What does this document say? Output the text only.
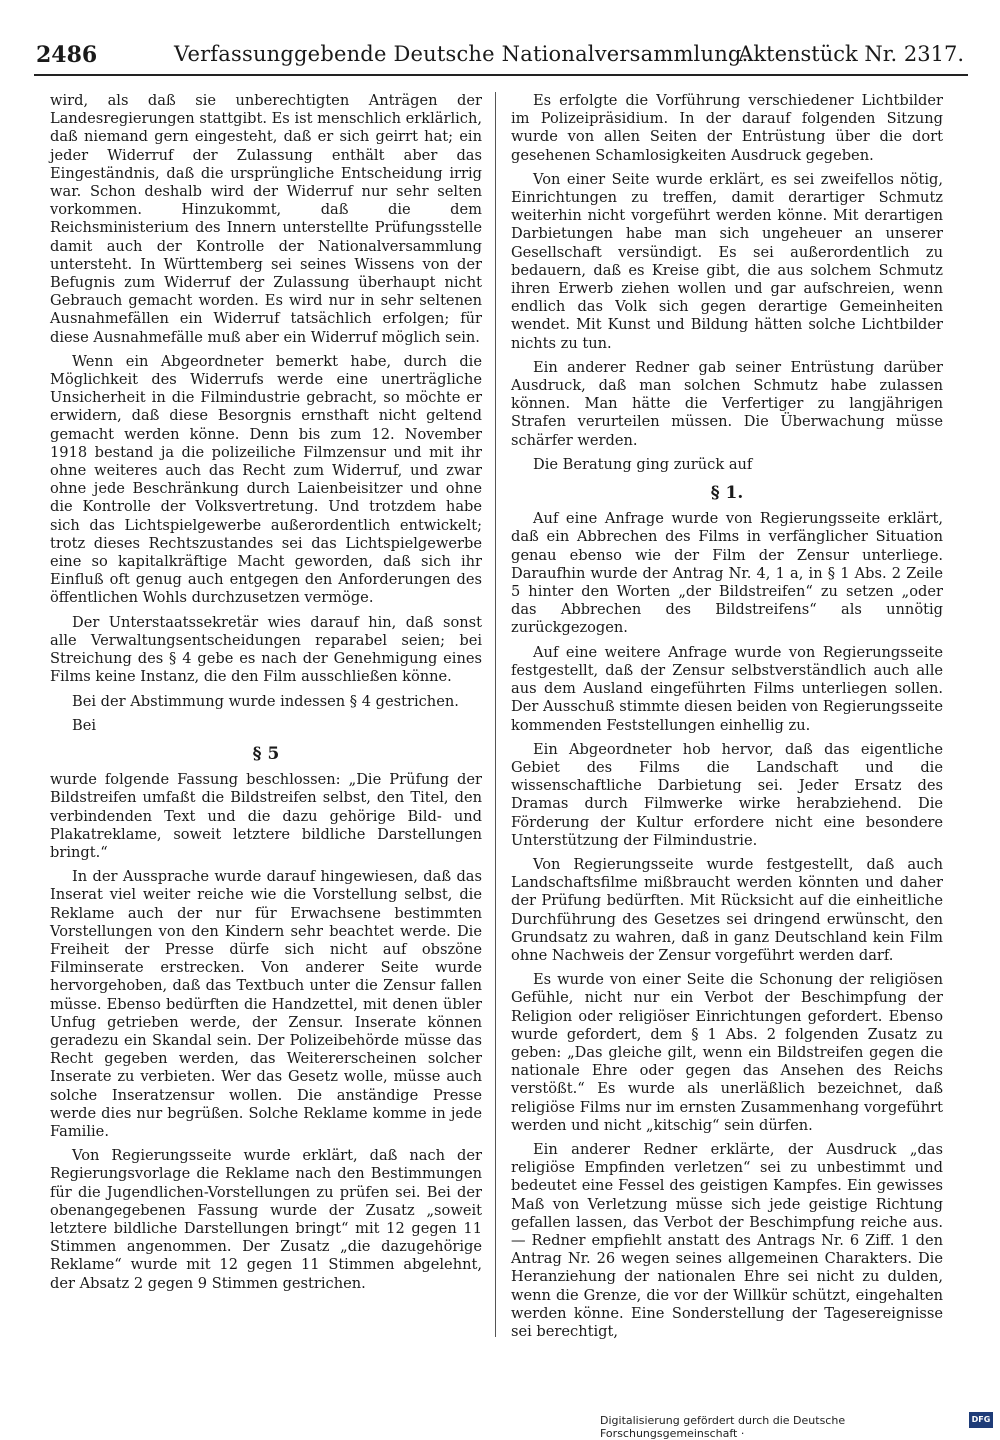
2486	Verfassunggebende Deutsche Nationalversammlung.
Aktenstück Nr. 2317.

wird, als daß sie unberechtigten Anträgen der Landesregierungen stattgibt. Es ist menschlich erklärlich, daß niemand gern eingesteht, daß er sich geirrt hat; ein jeder Widerruf der Zulassung enthält aber das Eingeständnis, daß die ursprüngliche Entscheidung irrig war. Schon deshalb wird der Widerruf nur sehr selten vorkommen. Hinzukommt, daß die dem Reichsministerium des Innern unterstellte Prüfungsstelle damit auch der Kontrolle der Nationalversammlung untersteht. In Württemberg sei seines Wissens von der Befugnis zum Widerruf der Zulassung überhaupt nicht Gebrauch gemacht worden. Es wird nur in sehr seltenen Ausnahmefällen ein Widerruf tatsächlich erfolgen; für diese Ausnahmefälle muß aber ein Widerruf möglich sein.

Wenn ein Abgeordneter bemerkt habe, durch die Möglichkeit des Widerrufs werde eine unerträgliche Unsicherheit in die Filmindustrie gebracht, so möchte er erwidern, daß diese Besorgnis ernsthaft nicht geltend gemacht werden könne. Denn bis zum 12. November 1918 bestand ja die polizeiliche Filmzensur und mit ihr ohne weiteres auch das Recht zum Widerruf, und zwar ohne jede Beschränkung durch Laienbeisitzer und ohne die Kontrolle der Volksvertretung. Und trotzdem habe sich das Lichtspielgewerbe außerordentlich entwickelt; trotz dieses Rechtszustandes sei das Lichtspielgewerbe eine so kapitalkräftige Macht geworden, daß sich ihr Einfluß oft genug auch entgegen den Anforderungen des öffentlichen Wohls durchzusetzen vermöge.

Der Unterstaatssekretär wies darauf hin, daß sonst alle Verwaltungsentscheidungen reparabel seien; bei Streichung des § 4 gebe es nach der Genehmigung eines Films keine Instanz, die den Film ausschließen könne.

Bei der Abstimmung wurde indessen § 4 gestrichen.

Bei

§ 5

wurde folgende Fassung beschlossen: „Die Prüfung der Bildstreifen umfaßt die Bildstreifen selbst, den Titel, den verbindenden Text und die dazu gehörige Bild- und Plakatreklame, soweit letztere bildliche Darstellungen bringt.“

In der Aussprache wurde darauf hingewiesen, daß das Inserat viel weiter reiche wie die Vorstellung selbst, die Reklame auch der nur für Erwachsene bestimmten Vorstellungen von den Kindern sehr beachtet werde. Die Freiheit der Presse dürfe sich nicht auf obszöne Filminserate erstrecken. Von anderer Seite wurde hervorgehoben, daß das Textbuch unter die Zensur fallen müsse. Ebenso bedürften die Handzettel, mit denen übler Unfug getrieben werde, der Zensur. Inserate können geradezu ein Skandal sein. Der Polizeibehörde müsse das Recht gegeben werden, das Weitererscheinen solcher Inserate zu verbieten. Wer das Gesetz wolle, müsse auch solche Inseratzensur wollen. Die anständige Presse werde dies nur begrüßen. Solche Reklame komme in jede Familie.

Von Regierungsseite wurde erklärt, daß nach der Regierungsvorlage die Reklame nach den Bestimmungen für die Jugendlichen-Vorstellungen zu prüfen sei. Bei der obenangegebenen Fassung wurde der Zusatz „soweit letztere bildliche Darstellungen bringt“ mit 12 gegen 11 Stimmen angenommen. Der Zusatz „die dazugehörige Reklame“ wurde mit 12 gegen 11 Stimmen abgelehnt, der Absatz 2 gegen 9 Stimmen gestrichen.

Es erfolgte die Vorführung verschiedener Lichtbilder im Polizeipräsidium. In der darauf folgenden Sitzung wurde von allen Seiten der Entrüstung über die dort gesehenen Schamlosigkeiten Ausdruck gegeben.

Von einer Seite wurde erklärt, es sei zweifellos nötig, Einrichtungen zu treffen, damit derartiger Schmutz weiterhin nicht vorgeführt werden könne. Mit derartigen Darbietungen habe man sich ungeheuer an unserer Gesellschaft versündigt. Es sei außerordentlich zu bedauern, daß es Kreise gibt, die aus solchem Schmutz ihren Erwerb ziehen wollen und gar aufschreien, wenn endlich das Volk sich gegen derartige Gemeinheiten wendet. Mit Kunst und Bildung hätten solche Lichtbilder nichts zu tun.

Ein anderer Redner gab seiner Entrüstung darüber Ausdruck, daß man solchen Schmutz habe zulassen können. Man hätte die Verfertiger zu langjährigen Strafen verurteilen müssen. Die Überwachung müsse schärfer werden.

Die Beratung ging zurück auf

§ 1.

Auf eine Anfrage wurde von Regierungsseite erklärt, daß ein Abbrechen des Films in verfänglicher Situation genau ebenso wie der Film der Zensur unterliege. Daraufhin wurde der Antrag Nr. 4, 1 a, in § 1 Abs. 2 Zeile 5 hinter den Worten „der Bildstreifen“ zu setzen „oder das Abbrechen des Bildstreifens“ als unnötig zurückgezogen.

Auf eine weitere Anfrage wurde von Regierungsseite festgestellt, daß der Zensur selbstverständlich auch alle aus dem Ausland eingeführten Films unterliegen sollen. Der Ausschuß stimmte diesen beiden von Regierungsseite kommenden Feststellungen einhellig zu.

Ein Abgeordneter hob hervor, daß das eigentliche Gebiet des Films die Landschaft und die wissenschaftliche Darbietung sei. Jeder Ersatz des Dramas durch Filmwerke wirke herabziehend. Die Förderung der Kultur erfordere nicht eine besondere Unterstützung der Filmindustrie.

Von Regierungsseite wurde festgestellt, daß auch Landschaftsfilme mißbraucht werden könnten und daher der Prüfung bedürften. Mit Rücksicht auf die einheitliche Durchführung des Gesetzes sei dringend erwünscht, den Grundsatz zu wahren, daß in ganz Deutschland kein Film ohne Nachweis der Zensur vorgeführt werden darf.

Es wurde von einer Seite die Schonung der religiösen Gefühle, nicht nur ein Verbot der Beschimpfung der Religion oder religiöser Einrichtungen gefordert. Ebenso wurde gefordert, dem § 1 Abs. 2 folgenden Zusatz zu geben: „Das gleiche gilt, wenn ein Bildstreifen gegen die nationale Ehre oder gegen das Ansehen des Reichs verstößt.“ Es wurde als unerläßlich bezeichnet, daß religiöse Films nur im ernsten Zusammenhang vorgeführt werden und nicht „kitschig“ sein dürfen.

Ein anderer Redner erklärte, der Ausdruck „das religiöse Empfinden verletzen“ sei zu unbestimmt und bedeutet eine Fessel des geistigen Kampfes. Ein gewisses Maß von Verletzung müsse sich jede geistige Richtung gefallen lassen, das Verbot der Beschimpfung reiche aus. — Redner empfiehlt anstatt des Antrags Nr. 6 Ziff. 1 den Antrag Nr. 26 wegen seines allgemeinen Charakters. Die Heranziehung der nationalen Ehre sei nicht zu dulden, wenn die Grenze, die vor der Willkür schützt, eingehalten werden könne. Eine Sonderstellung der Tagesereignisse sei berechtigt,

Digitalisierung gefördert durch die Deutsche Forschungsgemeinschaft ·
DFG
